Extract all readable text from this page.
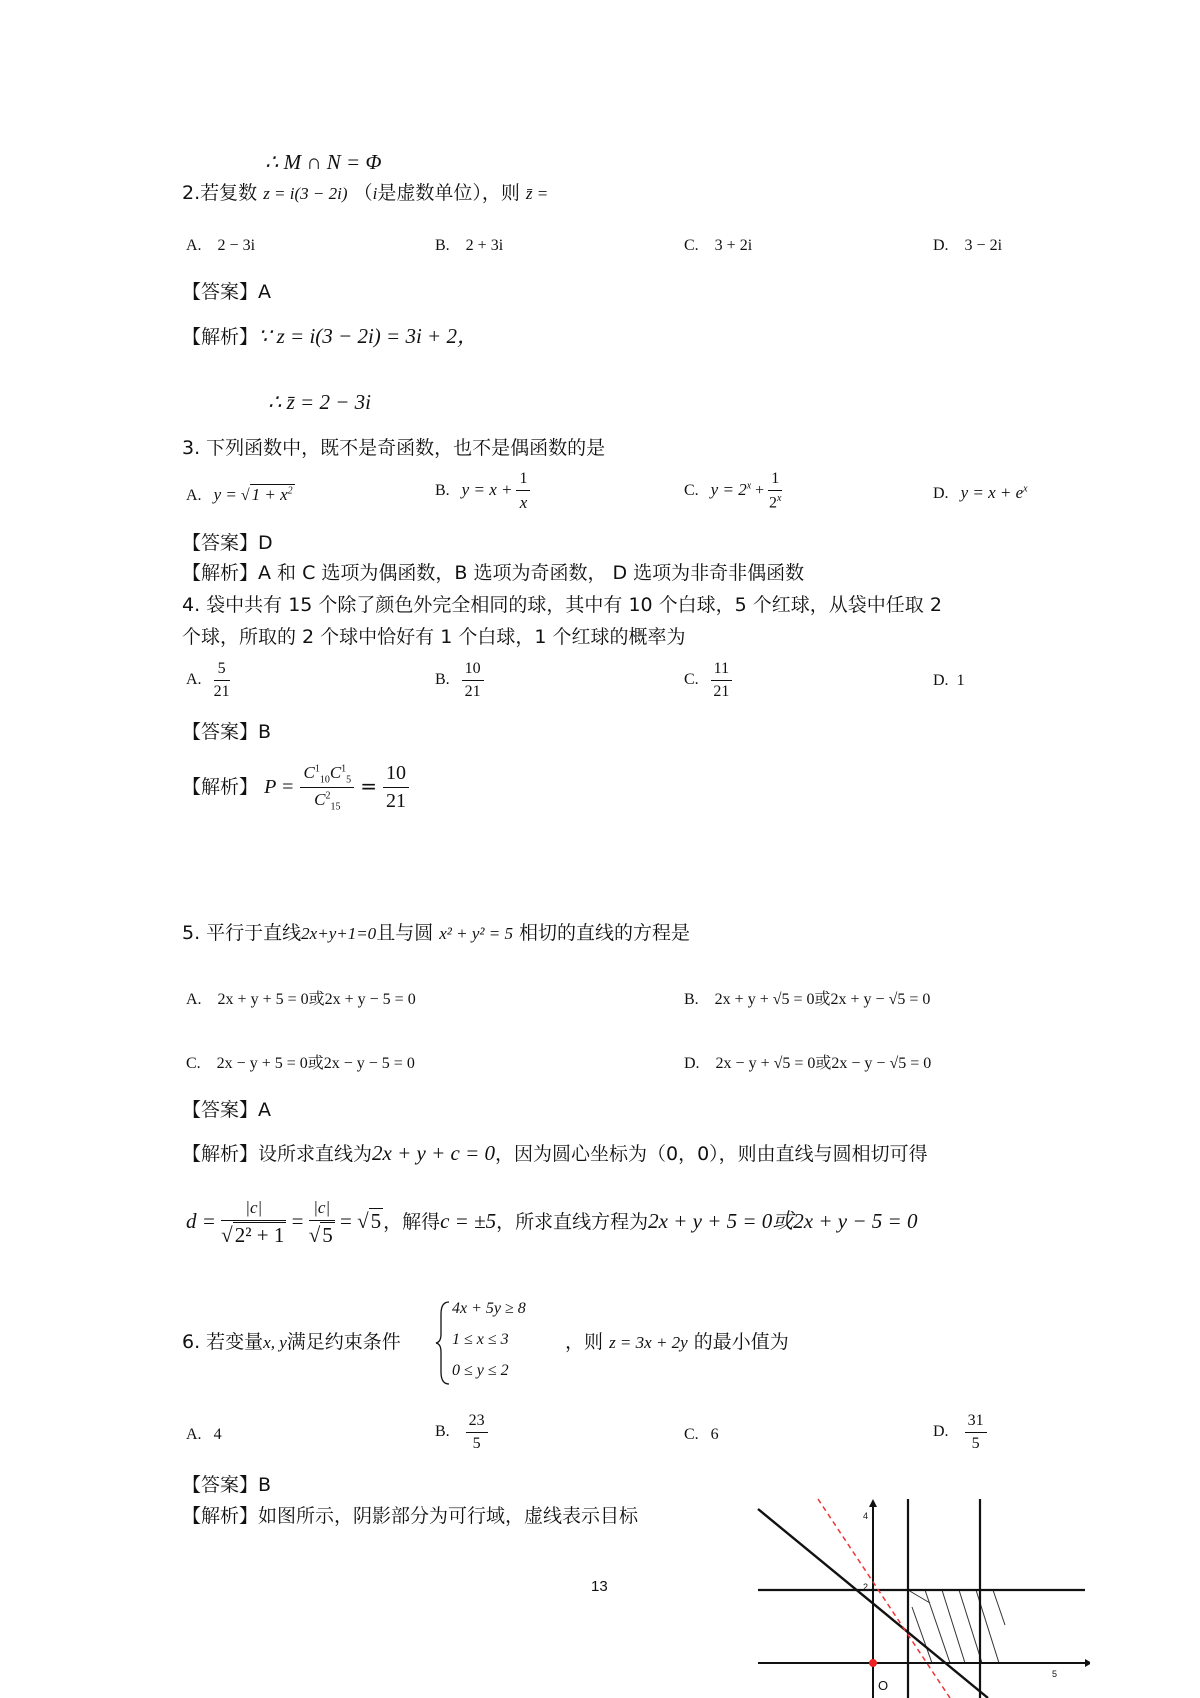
∴ M ∩ N = Φ
2.若复数 z = i(3 − 2i) （i是虚数单位），则 z̄ =
A.　2 − 3i	B.　2 + 3i	C.　3 + 2i	D.　3 − 2i
【答案】A
【解析】∵ z = i(3 − 2i) = 3i + 2，
∴ z̄ = 2 − 3i
3. 下列函数中，既不是奇函数，也不是偶函数的是
A. y = √ $1 + x^2$	B. $y = x + \frac{1}{x}$	C. $y = 2^x + \frac{1}{2^x}$	D. $y = x + e^x$
【答案】D
【解析】A 和 C 选项为偶函数，B 选项为奇函数， D 选项为非奇非偶函数
4. 袋中共有 15 个除了颜色外完全相同的球，其中有 10 个白球，5 个红球，从袋中任取 2
个球，所取的 2 个球中恰好有 1 个白球，1 个红球的概率为
A. $\frac{5}{21}$	B. $\frac{10}{21}$	C. $\frac{11}{21}$	D. 1
【答案】B
【解析】 $P = \frac{C^1_{10}C^1_5}{C^2_{15}} = \frac{10}{21}$
5. 平行于直线2x+y+1=0且与圆 x² + y² = 5 相切的直线的方程是
A.　2x + y + 5 = 0或2x + y − 5 = 0	B.　2x + y + √5 = 0或2x + y − √5 = 0
C.　2x − y + 5 = 0或2x − y − 5 = 0	D.　2x − y + √5 = 0或2x − y − √5 = 0
【答案】A
【解析】设所求直线为2x + y + c = 0，因为圆心坐标为（0，0），则由直线与圆相切可得
$d = \frac{|c|}{\text{√2² + 1}} = \frac{|c|}{√5} = √5$ ，解得c = ±5，所求直线方程为2x + y + 5 = 0或2x + y − 5 = 0
6. 若变量x, y满足约束条件
4x + 5y ≥ 8
1 ≤ x ≤ 3
0 ≤ y ≤ 2
，则 z = 3x + 2y 的最小值为
A. 4	B. $\frac{23}{5}$	C. 6	D. $\frac{31}{5}$
【答案】B
【解析】如图所示，阴影部分为可行域，虚线表示目标
O
4
2
5
13
